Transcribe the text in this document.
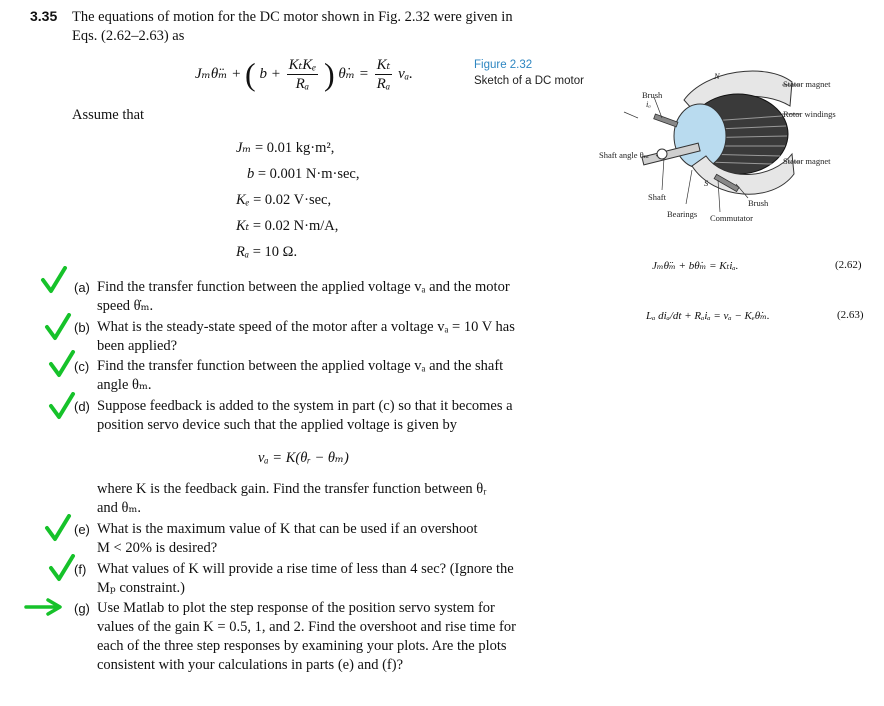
3.35 The equations of motion for the DC motor shown in Fig. 2.32 were given in
Eqs. (2.62–2.63) as
Jₘθ̈ₘ + ( $b + \frac{\text{KₜKₑ}}{\text{Rₐ}}$ ) θ̇ₘ = $\frac{\text{Kₜ}}{\text{Rₐ}} v_a$.
Assume that
Jₘ = 0.01 kg·m²,
b = 0.001 N·m·sec,
Kₑ = 0.02 V·sec,
Kₜ = 0.02 N·m/A,
Rₐ = 10 Ω.
Figure 2.32
Sketch of a DC motor
Brush
iₐ
N
S
Stator magnet
Rotor windings
Stator magnet
Shaft angle θₘ
Shaft
Bearings Commutator
Brush
Jₘθ̈ₘ + bθ̇ₘ = Kₜiₐ.	(2.62)
Lₐ diₐ/dt + Rₐiₐ = vₐ − Kₑθ̇ₘ.	(2.63)
(a) Find the transfer function between the applied voltage vₐ and the motor
speed θ̇ₘ.
(b) What is the steady-state speed of the motor after a voltage vₐ = 10 V has
been applied?
(c) Find the transfer function between the applied voltage vₐ and the shaft
angle θₘ.
(d) Suppose feedback is added to the system in part (c) so that it becomes a
position servo device such that the applied voltage is given by
vₐ = K(θᵣ − θₘ)
where K is the feedback gain. Find the transfer function between θᵣ
and θₘ.
(e) What is the maximum value of K that can be used if an overshoot
M < 20% is desired?
(f) What values of K will provide a rise time of less than 4 sec? (Ignore the
Mₚ constraint.)
(g) Use Matlab to plot the step response of the position servo system for
values of the gain K = 0.5, 1, and 2. Find the overshoot and rise time for
each of the three step responses by examining your plots. Are the plots
consistent with your calculations in parts (e) and (f)?
